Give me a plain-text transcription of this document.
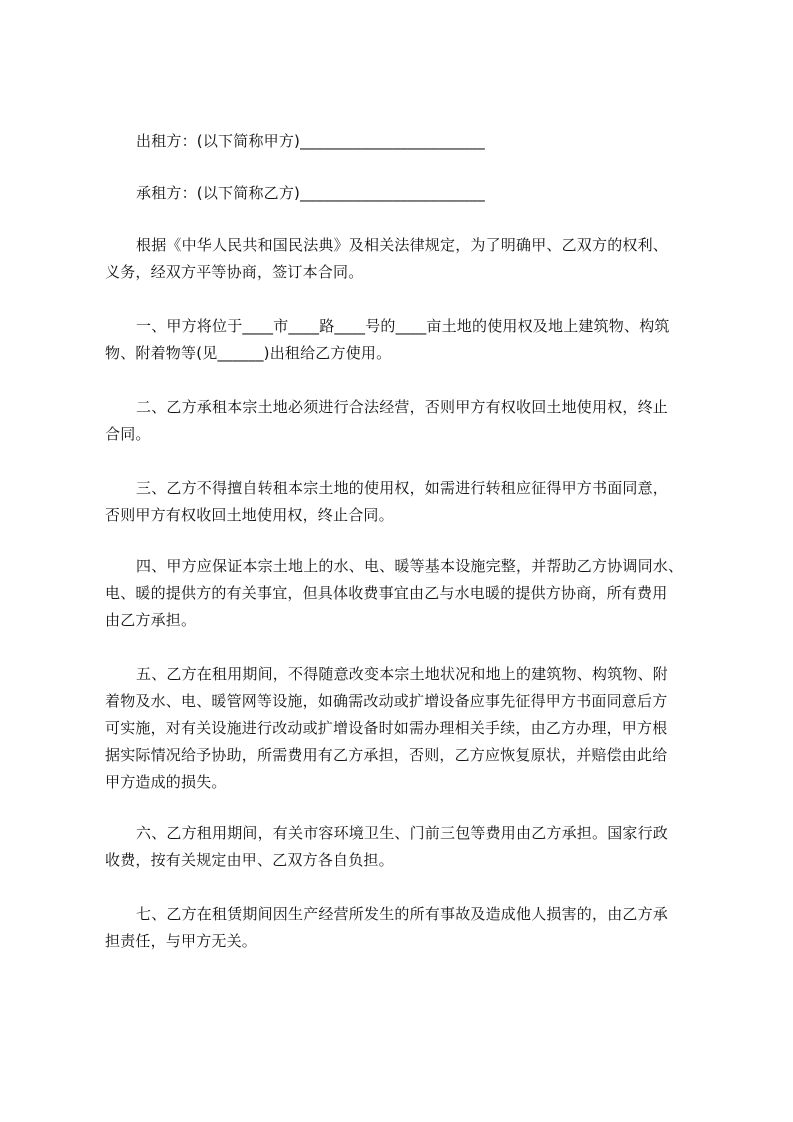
出租方：(以下简称甲方)________________________
承租方：(以下简称乙方)________________________
根据《中华人民共和国民法典》及相关法律规定，为了明确甲、乙双方的权利、
义务，经双方平等协商，签订本合同。
一、甲方将位于____市____路____号的____亩土地的使用权及地上建筑物、构筑
物、附着物等(见______)出租给乙方使用。
二、乙方承租本宗土地必须进行合法经营，否则甲方有权收回土地使用权，终止
合同。
三、乙方不得擅自转租本宗土地的使用权，如需进行转租应征得甲方书面同意，
否则甲方有权收回土地使用权，终止合同。
四、甲方应保证本宗土地上的水、电、暖等基本设施完整，并帮助乙方协调同水、
电、暖的提供方的有关事宜，但具体收费事宜由乙与水电暖的提供方协商，所有费用
由乙方承担。
五、乙方在租用期间，不得随意改变本宗土地状况和地上的建筑物、构筑物、附
着物及水、电、暖管网等设施，如确需改动或扩增设备应事先征得甲方书面同意后方
可实施，对有关设施进行改动或扩增设备时如需办理相关手续，由乙方办理，甲方根
据实际情况给予协助，所需费用有乙方承担，否则，乙方应恢复原状，并赔偿由此给
甲方造成的损失。
六、乙方租用期间，有关市容环境卫生、门前三包等费用由乙方承担。国家行政
收费，按有关规定由甲、乙双方各自负担。
七、乙方在租赁期间因生产经营所发生的所有事故及造成他人损害的，由乙方承
担责任，与甲方无关。
